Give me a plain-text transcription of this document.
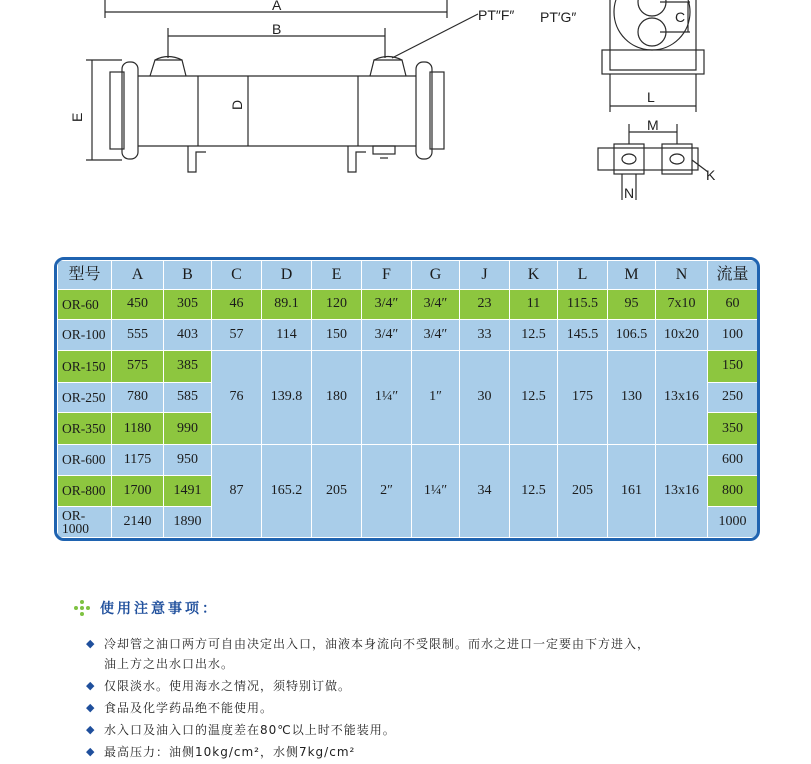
A
B
D
E
PT″F″ PT′G″	C
L
M
N
K
型号	A	B	C	D	E	F	G	J	K	L	M	N	流量
OR-60	450	305	46	89.1	120	3/4″	3/4″	23	11	115.5	95	7x10	60
OR-100	555	403	57	114	150	3/4″	3/4″	33	12.5	145.5	106.5	10x20	100
OR-150	575	385	76	139.8	180	1¼″	1″	30	12.5	175	130	13x16	150
OR-250	780	585											250
OR-350	1180	990											350
OR-600	1175	950	87	165.2	205	2″	1¼″	34	12.5	205	161	13x16	600
OR-800	1700	1491											800
OR-1000	2140	1890											1000
使用注意事项：
◆ 冷却管之油口两方可自由决定出入口，油液本身流向不受限制。而水之进口一定要由下方进入，
油上方之出水口出水。
◆ 仅限淡水。使用海水之情况，须特别订做。
◆ 食品及化学药品绝不能使用。
◆ 水入口及油入口的温度差在80℃以上时不能装用。
◆ 最高压力：油侧10kg/cm²，水侧7kg/cm²
